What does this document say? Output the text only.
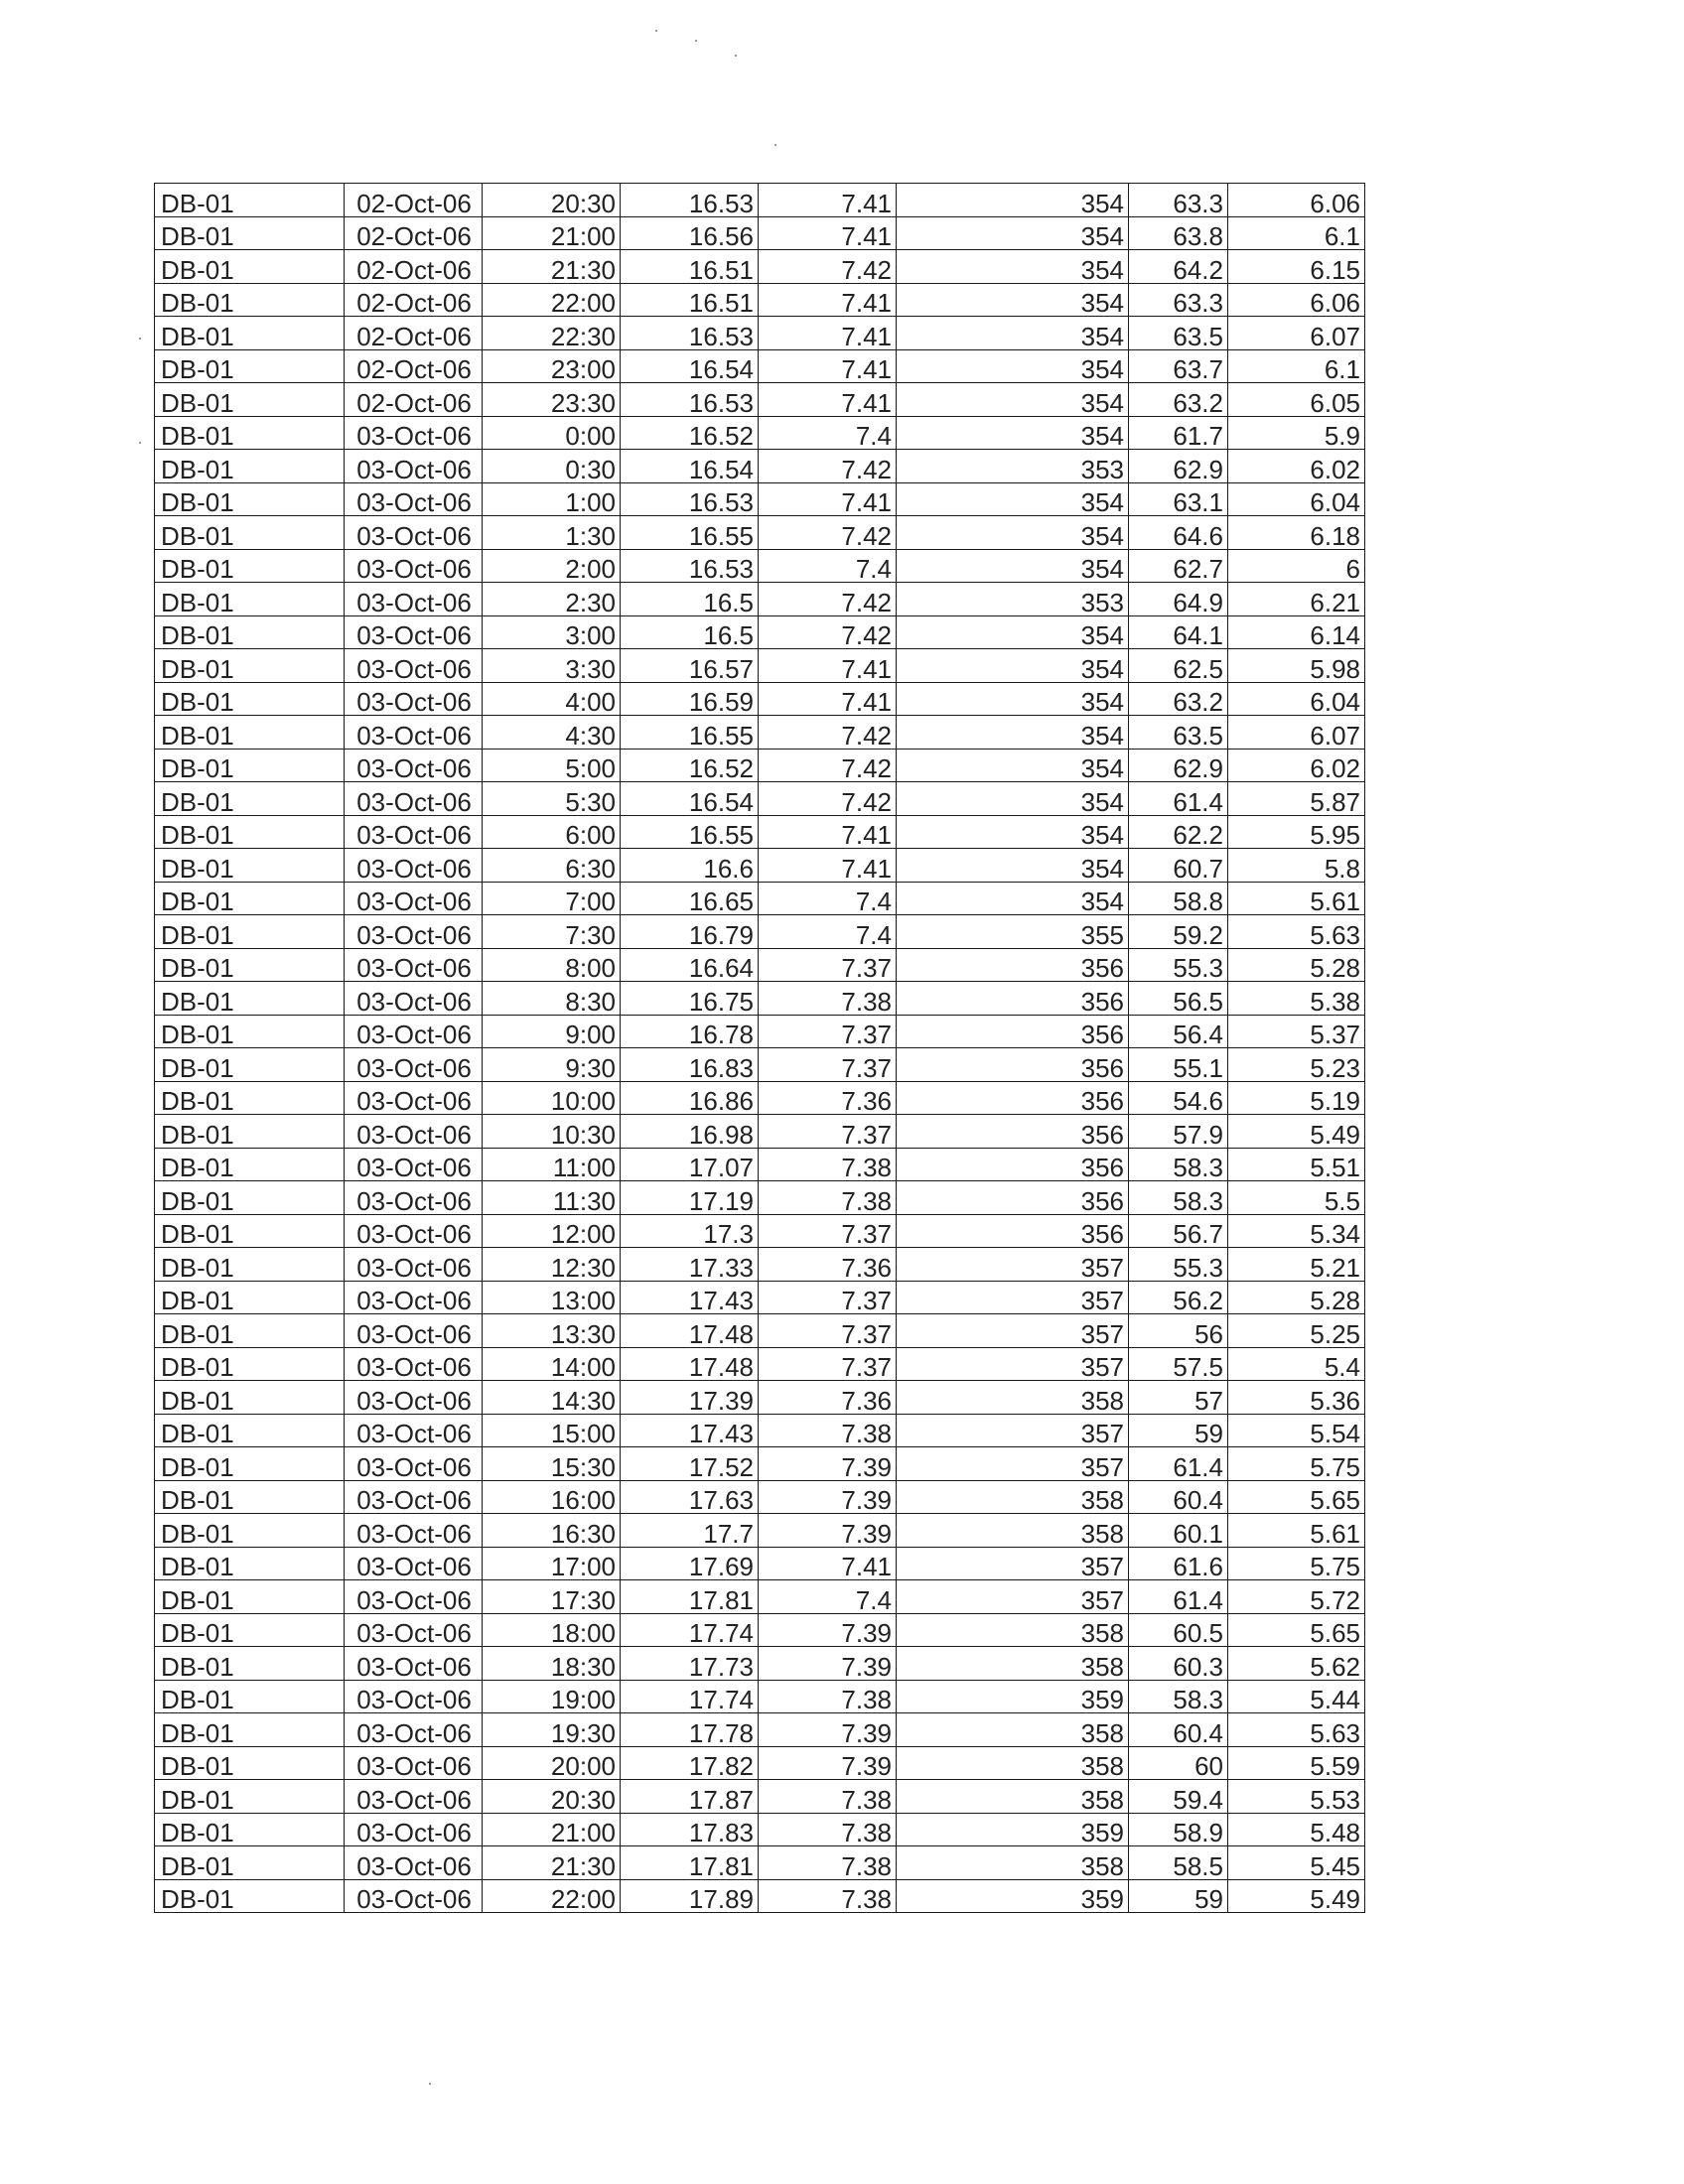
DB-01	02-Oct-06	20:30	16.53	7.41	354	63.3	6.06
DB-01	02-Oct-06	21:00	16.56	7.41	354	63.8	6.1
DB-01	02-Oct-06	21:30	16.51	7.42	354	64.2	6.15
DB-01	02-Oct-06	22:00	16.51	7.41	354	63.3	6.06
DB-01	02-Oct-06	22:30	16.53	7.41	354	63.5	6.07
DB-01	02-Oct-06	23:00	16.54	7.41	354	63.7	6.1
DB-01	02-Oct-06	23:30	16.53	7.41	354	63.2	6.05
DB-01	03-Oct-06	0:00	16.52	7.4	354	61.7	5.9
DB-01	03-Oct-06	0:30	16.54	7.42	353	62.9	6.02
DB-01	03-Oct-06	1:00	16.53	7.41	354	63.1	6.04
DB-01	03-Oct-06	1:30	16.55	7.42	354	64.6	6.18
DB-01	03-Oct-06	2:00	16.53	7.4	354	62.7	6
DB-01	03-Oct-06	2:30	16.5	7.42	353	64.9	6.21
DB-01	03-Oct-06	3:00	16.5	7.42	354	64.1	6.14
DB-01	03-Oct-06	3:30	16.57	7.41	354	62.5	5.98
DB-01	03-Oct-06	4:00	16.59	7.41	354	63.2	6.04
DB-01	03-Oct-06	4:30	16.55	7.42	354	63.5	6.07
DB-01	03-Oct-06	5:00	16.52	7.42	354	62.9	6.02
DB-01	03-Oct-06	5:30	16.54	7.42	354	61.4	5.87
DB-01	03-Oct-06	6:00	16.55	7.41	354	62.2	5.95
DB-01	03-Oct-06	6:30	16.6	7.41	354	60.7	5.8
DB-01	03-Oct-06	7:00	16.65	7.4	354	58.8	5.61
DB-01	03-Oct-06	7:30	16.79	7.4	355	59.2	5.63
DB-01	03-Oct-06	8:00	16.64	7.37	356	55.3	5.28
DB-01	03-Oct-06	8:30	16.75	7.38	356	56.5	5.38
DB-01	03-Oct-06	9:00	16.78	7.37	356	56.4	5.37
DB-01	03-Oct-06	9:30	16.83	7.37	356	55.1	5.23
DB-01	03-Oct-06	10:00	16.86	7.36	356	54.6	5.19
DB-01	03-Oct-06	10:30	16.98	7.37	356	57.9	5.49
DB-01	03-Oct-06	11:00	17.07	7.38	356	58.3	5.51
DB-01	03-Oct-06	11:30	17.19	7.38	356	58.3	5.5
DB-01	03-Oct-06	12:00	17.3	7.37	356	56.7	5.34
DB-01	03-Oct-06	12:30	17.33	7.36	357	55.3	5.21
DB-01	03-Oct-06	13:00	17.43	7.37	357	56.2	5.28
DB-01	03-Oct-06	13:30	17.48	7.37	357	56	5.25
DB-01	03-Oct-06	14:00	17.48	7.37	357	57.5	5.4
DB-01	03-Oct-06	14:30	17.39	7.36	358	57	5.36
DB-01	03-Oct-06	15:00	17.43	7.38	357	59	5.54
DB-01	03-Oct-06	15:30	17.52	7.39	357	61.4	5.75
DB-01	03-Oct-06	16:00	17.63	7.39	358	60.4	5.65
DB-01	03-Oct-06	16:30	17.7	7.39	358	60.1	5.61
DB-01	03-Oct-06	17:00	17.69	7.41	357	61.6	5.75
DB-01	03-Oct-06	17:30	17.81	7.4	357	61.4	5.72
DB-01	03-Oct-06	18:00	17.74	7.39	358	60.5	5.65
DB-01	03-Oct-06	18:30	17.73	7.39	358	60.3	5.62
DB-01	03-Oct-06	19:00	17.74	7.38	359	58.3	5.44
DB-01	03-Oct-06	19:30	17.78	7.39	358	60.4	5.63
DB-01	03-Oct-06	20:00	17.82	7.39	358	60	5.59
DB-01	03-Oct-06	20:30	17.87	7.38	358	59.4	5.53
DB-01	03-Oct-06	21:00	17.83	7.38	359	58.9	5.48
DB-01	03-Oct-06	21:30	17.81	7.38	358	58.5	5.45
DB-01	03-Oct-06	22:00	17.89	7.38	359	59	5.49
